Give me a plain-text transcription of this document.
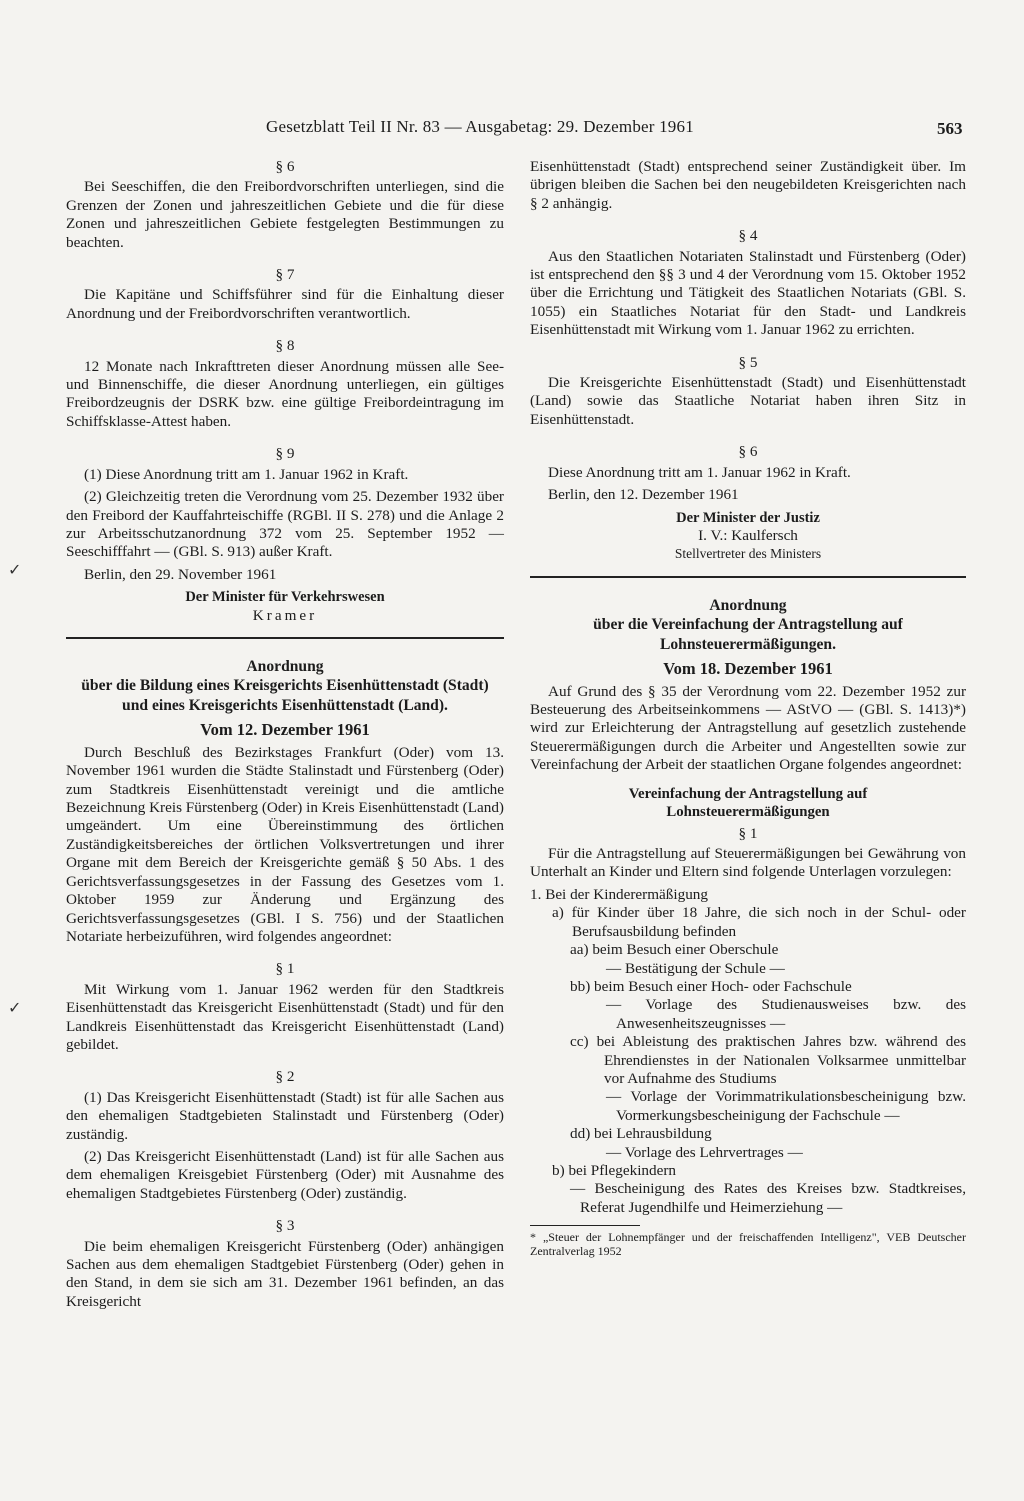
Gesetzblatt Teil II Nr. 83 — Ausgabetag: 29. Dezember 1961	563
✓
✓

§ 6

Bei Seeschiffen, die den Freibordvorschriften unterliegen, sind die Grenzen der Zonen und jahreszeitlichen Gebiete und die für diese Zonen und jahreszeitlichen Gebiete festgelegten Bestimmungen zu beachten.

§ 7

Die Kapitäne und Schiffsführer sind für die Einhaltung dieser Anordnung und der Freibordvorschriften verantwortlich.

§ 8

12 Monate nach Inkrafttreten dieser Anordnung müssen alle See- und Binnenschiffe, die dieser Anordnung unterliegen, ein gültiges Freibordzeugnis der DSRK bzw. eine gültige Freibordeintragung im Schiffsklasse-Attest haben.

§ 9

(1) Diese Anordnung tritt am 1. Januar 1962 in Kraft.

(2) Gleichzeitig treten die Verordnung vom 25. Dezember 1932 über den Freibord der Kauffahrteischiffe (RGBl. II S. 278) und die Anlage 2 zur Arbeitsschutzanordnung 372 vom 25. September 1952 — Seeschifffahrt — (GBl. S. 913) außer Kraft.

Berlin, den 29. November 1961

Der Minister für Verkehrswesen

Kramer

Anordnung

über die Bildung eines Kreisgerichts Eisenhüttenstadt (Stadt) und eines Kreisgerichts Eisenhüttenstadt (Land).

Vom 12. Dezember 1961

Durch Beschluß des Bezirkstages Frankfurt (Oder) vom 13. November 1961 wurden die Städte Stalinstadt und Fürstenberg (Oder) zum Stadtkreis Eisenhüttenstadt vereinigt und die amtliche Bezeichnung Kreis Fürstenberg (Oder) in Kreis Eisenhüttenstadt (Land) umgeändert. Um eine Übereinstimmung des örtlichen Zuständigkeitsbereiches der örtlichen Volksvertretungen und ihrer Organe mit dem Bereich der Kreisgerichte gemäß § 50 Abs. 1 des Gerichtsverfassungsgesetzes in der Fassung des Gesetzes vom 1. Oktober 1959 zur Änderung und Ergänzung des Gerichtsverfassungsgesetzes (GBl. I S. 756) und der Staatlichen Notariate herbeizuführen, wird folgendes angeordnet:

§ 1

Mit Wirkung vom 1. Januar 1962 werden für den Stadtkreis Eisenhüttenstadt das Kreisgericht Eisenhüttenstadt (Stadt) und für den Landkreis Eisenhüttenstadt das Kreisgericht Eisenhüttenstadt (Land) gebildet.

§ 2

(1) Das Kreisgericht Eisenhüttenstadt (Stadt) ist für alle Sachen aus den ehemaligen Stadtgebieten Stalinstadt und Fürstenberg (Oder) zuständig.

(2) Das Kreisgericht Eisenhüttenstadt (Land) ist für alle Sachen aus dem ehemaligen Kreisgebiet Fürstenberg (Oder) mit Ausnahme des ehemaligen Stadtgebietes Fürstenberg (Oder) zuständig.

§ 3

Die beim ehemaligen Kreisgericht Fürstenberg (Oder) anhängigen Sachen aus dem ehemaligen Stadtgebiet Fürstenberg (Oder) gehen in den Stand, in dem sie sich am 31. Dezember 1961 befinden, an das Kreisgericht

Eisenhüttenstadt (Stadt) entsprechend seiner Zuständigkeit über. Im übrigen bleiben die Sachen bei den neugebildeten Kreisgerichten nach § 2 anhängig.

§ 4

Aus den Staatlichen Notariaten Stalinstadt und Fürstenberg (Oder) ist entsprechend den §§ 3 und 4 der Verordnung vom 15. Oktober 1952 über die Errichtung und Tätigkeit des Staatlichen Notariats (GBl. S. 1055) ein Staatliches Notariat für den Stadt- und Landkreis Eisenhüttenstadt mit Wirkung vom 1. Januar 1962 zu errichten.

§ 5

Die Kreisgerichte Eisenhüttenstadt (Stadt) und Eisenhüttenstadt (Land) sowie das Staatliche Notariat haben ihren Sitz in Eisenhüttenstadt.

§ 6

Diese Anordnung tritt am 1. Januar 1962 in Kraft.

Berlin, den 12. Dezember 1961

Der Minister der Justiz

I. V.: Kaulfersch

Stellvertreter des Ministers

Anordnung

über die Vereinfachung der Antragstellung auf Lohnsteuerermäßigungen.

Vom 18. Dezember 1961

Auf Grund des § 35 der Verordnung vom 22. Dezember 1952 zur Besteuerung des Arbeitseinkommens — AStVO — (GBl. S. 1413)*) wird zur Erleichterung der Antragstellung auf gesetzlich zustehende Steuerermäßigungen durch die Arbeiter und Angestellten sowie zur Vereinfachung der Arbeit der staatlichen Organe folgendes angeordnet:

Vereinfachung der Antragstellung auf Lohnsteuerermäßigungen

§ 1

Für die Antragstellung auf Steuerermäßigungen bei Gewährung von Unterhalt an Kinder und Eltern sind folgende Unterlagen vorzulegen:

1. Bei der Kinderermäßigung

a) für Kinder über 18 Jahre, die sich noch in der Schul- oder Berufsausbildung befinden

aa) beim Besuch einer Oberschule

— Bestätigung der Schule —

bb) beim Besuch einer Hoch- oder Fachschule

— Vorlage des Studienausweises bzw. des Anwesenheitszeugnisses —

cc) bei Ableistung des praktischen Jahres bzw. während des Ehrendienstes in der Nationalen Volksarmee unmittelbar vor Aufnahme des Studiums

— Vorlage der Vorimmatrikulationsbescheinigung bzw. Vormerkungsbescheinigung der Fachschule —

dd) bei Lehrausbildung

— Vorlage des Lehrvertrages —

b) bei Pflegekindern

— Bescheinigung des Rates des Kreises bzw. Stadtkreises, Referat Jugendhilfe und Heimerziehung —

* „Steuer der Lohnempfänger und der freischaffenden Intelligenz", VEB Deutscher Zentralverlag 1952
